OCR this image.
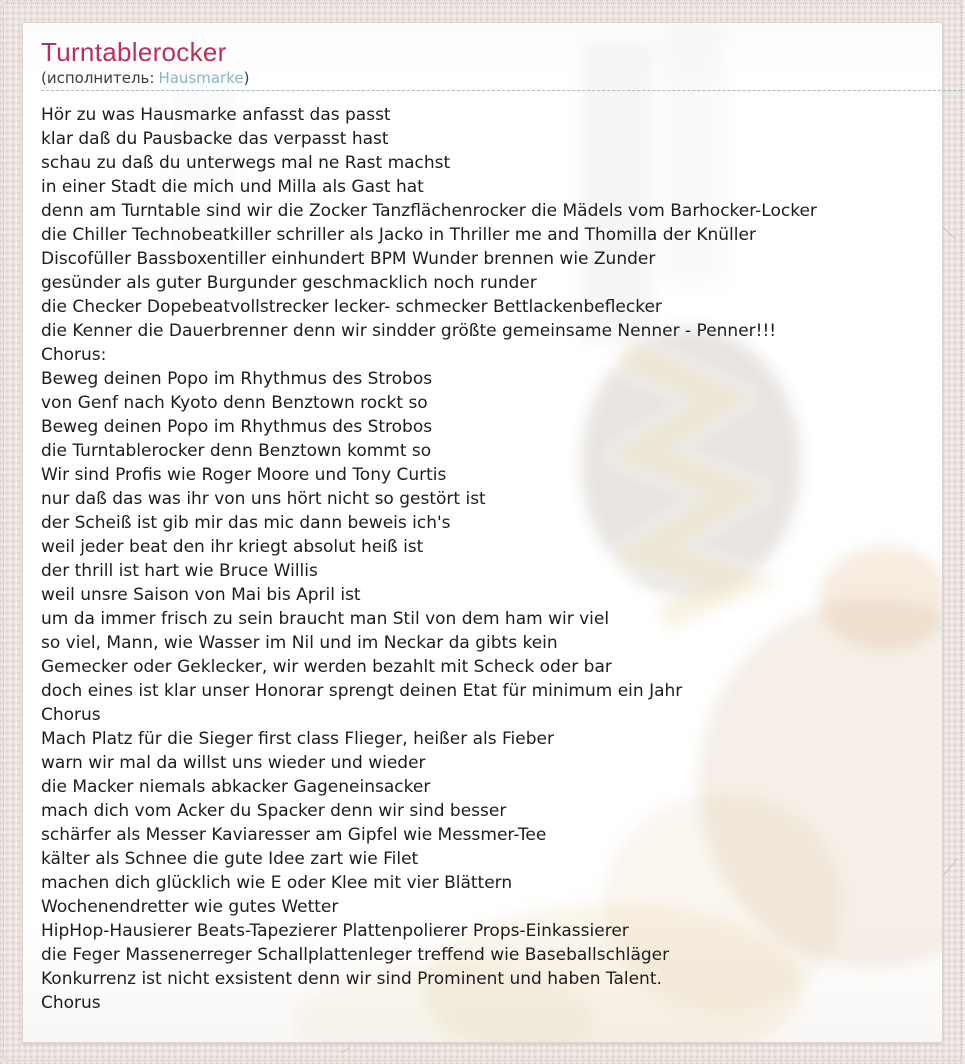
Turntablerocker
(исполнитель: Hausmarke)
Hör zu was Hausmarke anfasst das passt
klar daß du Pausbacke das verpasst hast
schau zu daß du unterwegs mal ne Rast machst
in einer Stadt die mich und Milla als Gast hat
denn am Turntable sind wir die Zocker Tanzflächenrocker die Mädels vom Barhocker-Locker
die Chiller Technobeatkiller schriller als Jacko in Thriller me and Thomilla der Knüller
Discofüller Bassboxentiller einhundert BPM Wunder brennen wie Zunder
gesünder als guter Burgunder geschmacklich noch runder
die Checker Dopebeatvollstrecker lecker- schmecker Bettlackenbeflecker
die Kenner die Dauerbrenner denn wir sindder größte gemeinsame Nenner - Penner!!!
Chorus:
Beweg deinen Popo im Rhythmus des Strobos
von Genf nach Kyoto denn Benztown rockt so
Beweg deinen Popo im Rhythmus des Strobos
die Turntablerocker denn Benztown kommt so
Wir sind Profis wie Roger Moore und Tony Curtis
nur daß das was ihr von uns hört nicht so gestört ist
der Scheiß ist gib mir das mic dann beweis ich's
weil jeder beat den ihr kriegt absolut heiß ist
der thrill ist hart wie Bruce Willis
weil unsre Saison von Mai bis April ist
um da immer frisch zu sein braucht man Stil von dem ham wir viel
so viel, Mann, wie Wasser im Nil und im Neckar da gibts kein
Gemecker oder Geklecker, wir werden bezahlt mit Scheck oder bar
doch eines ist klar unser Honorar sprengt deinen Etat für minimum ein Jahr
Chorus
Mach Platz für die Sieger first class Flieger, heißer als Fieber
warn wir mal da willst uns wieder und wieder
die Macker niemals abkacker Gageneinsacker
mach dich vom Acker du Spacker denn wir sind besser
schärfer als Messer Kaviaresser am Gipfel wie Messmer-Tee
kälter als Schnee die gute Idee zart wie Filet
machen dich glücklich wie E oder Klee mit vier Blättern
Wochenendretter wie gutes Wetter
HipHop-Hausierer Beats-Tapezierer Plattenpolierer Props-Einkassierer
die Feger Massenerreger Schallplattenleger treffend wie Baseballschläger
Konkurrenz ist nicht exsistent denn wir sind Prominent und haben Talent.
Chorus
